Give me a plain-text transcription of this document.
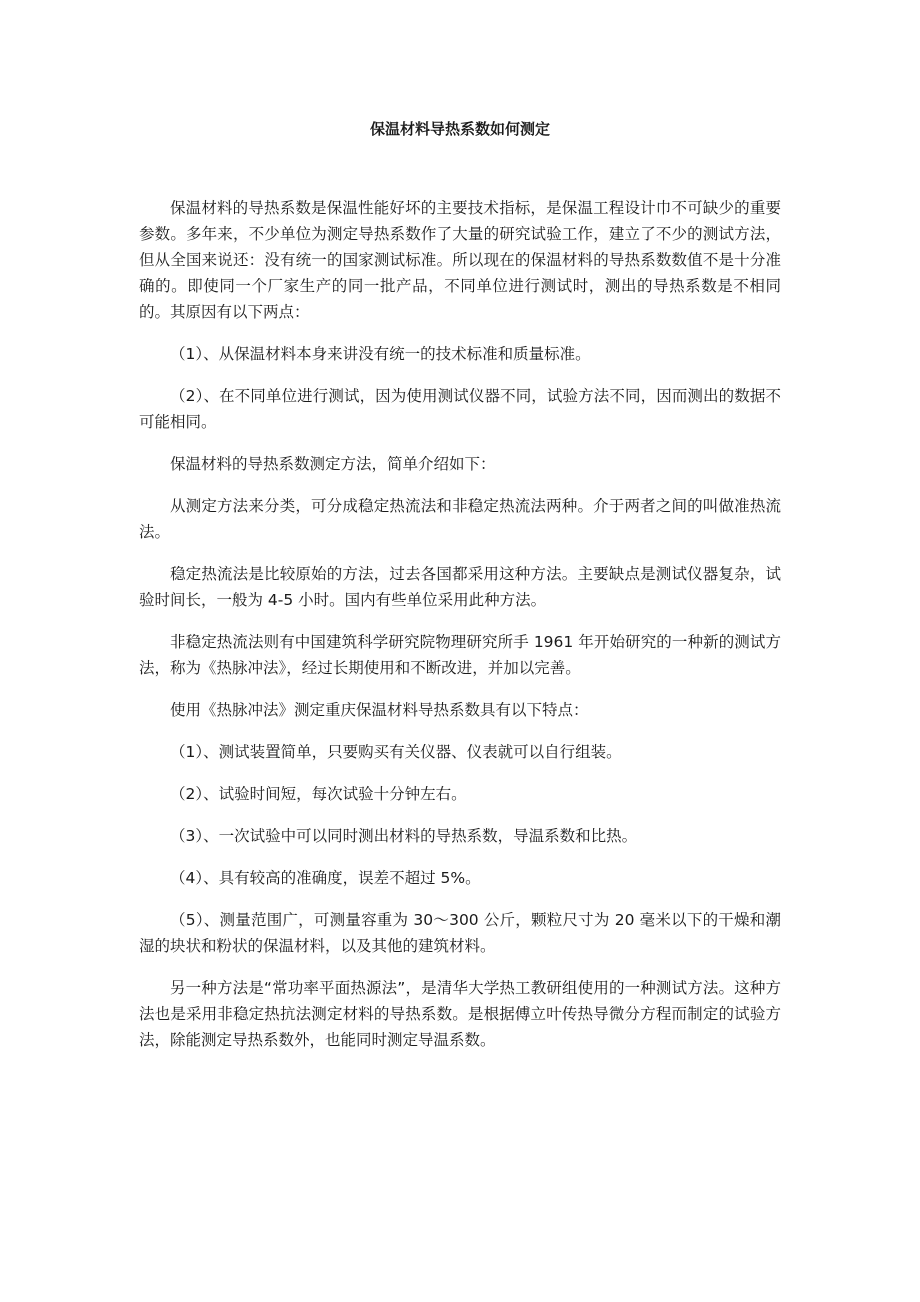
保温材料导热系数如何测定

保温材料的导热系数是保温性能好坏的主要技术指标，是保温工程设计巾不可缺少的重要参数。多年来，不少单位为测定导热系数作了大量的研究试验工作，建立了不少的测试方法，但从全国来说还：没有统一的国家测试标准。所以现在的保温材料的导热系数数值不是十分准确的。即使同一个厂家生产的同一批产品，不同单位进行测试时，测出的导热系数是不相同的。其原因有以下两点：

（1）、从保温材料本身来讲没有统一的技术标准和质量标准。

（2）、在不同单位进行测试，因为使用测试仪器不同，试验方法不同，因而测出的数据不可能相同。

保温材料的导热系数测定方法，简单介绍如下：

从测定方法来分类，可分成稳定热流法和非稳定热流法两种。介于两者之间的叫做准热流法。

稳定热流法是比较原始的方法，过去各国都采用这种方法。主要缺点是测试仪器复杂，试验时间长，一般为 4-5 小时。国内有些单位采用此种方法。

非稳定热流法则有中国建筑科学研究院物理研究所手 1961 年开始研究的一种新的测试方法，称为《热脉冲法》，经过长期使用和不断改进，并加以完善。

使用《热脉冲法》测定重庆保温材料导热系数具有以下特点：

（1）、测试装置简单，只要购买有关仪器、仪表就可以自行组装。

（2）、试验时间短，每次试验十分钟左右。

（3）、一次试验中可以同时测出材料的导热系数，导温系数和比热。

（4）、具有较高的准确度，误差不超过 5%。

（5）、测量范围广，可测量容重为 30～300 公斤，颗粒尺寸为 20 毫米以下的干燥和潮湿的块状和粉状的保温材料，以及其他的建筑材料。

另一种方法是“常功率平面热源法”，是清华大学热工教研组使用的一种测试方法。这种方法也是采用非稳定热抗法测定材料的导热系数。是根据傅立叶传热导微分方程而制定的试验方法，除能测定导热系数外，也能同时测定导温系数。
